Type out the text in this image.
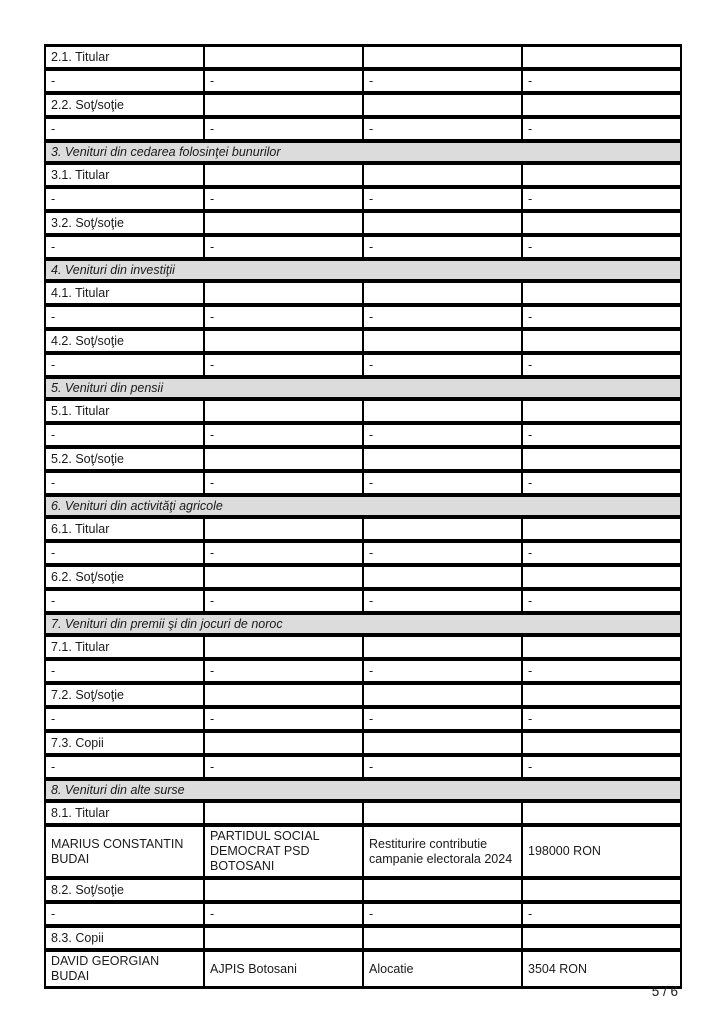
2.1. Titular			
-	-	-	-
2.2. Soţ/soţie			
-	-	-	-
3. Venituri din cedarea folosinţei bunurilor			
3.1. Titular			
-	-	-	-
3.2. Soţ/soţie			
-	-	-	-
4. Venituri din investiţii			
4.1. Titular			
-	-	-	-
4.2. Soţ/soţie			
-	-	-	-
5. Venituri din pensii			
5.1. Titular			
-	-	-	-
5.2. Soţ/soţie			
-	-	-	-
6. Venituri din activităţi agricole			
6.1. Titular			
-	-	-	-
6.2. Soţ/soţie			
-	-	-	-
7. Venituri din premii şi din jocuri de noroc			
7.1. Titular			
-	-	-	-
7.2. Soţ/soţie			
-	-	-	-
7.3. Copii			
-	-	-	-
8. Venituri din alte surse			
8.1. Titular			
MARIUS CONSTANTIN BUDAI	PARTIDUL SOCIAL DEMOCRAT PSD BOTOSANI	Restiturire contributie campanie electorala 2024	198000 RON
8.2. Soţ/soţie			
-	-	-	-
8.3. Copii			
DAVID GEORGIAN BUDAI	AJPIS Botosani	Alocatie	3504 RON
5 / 6
